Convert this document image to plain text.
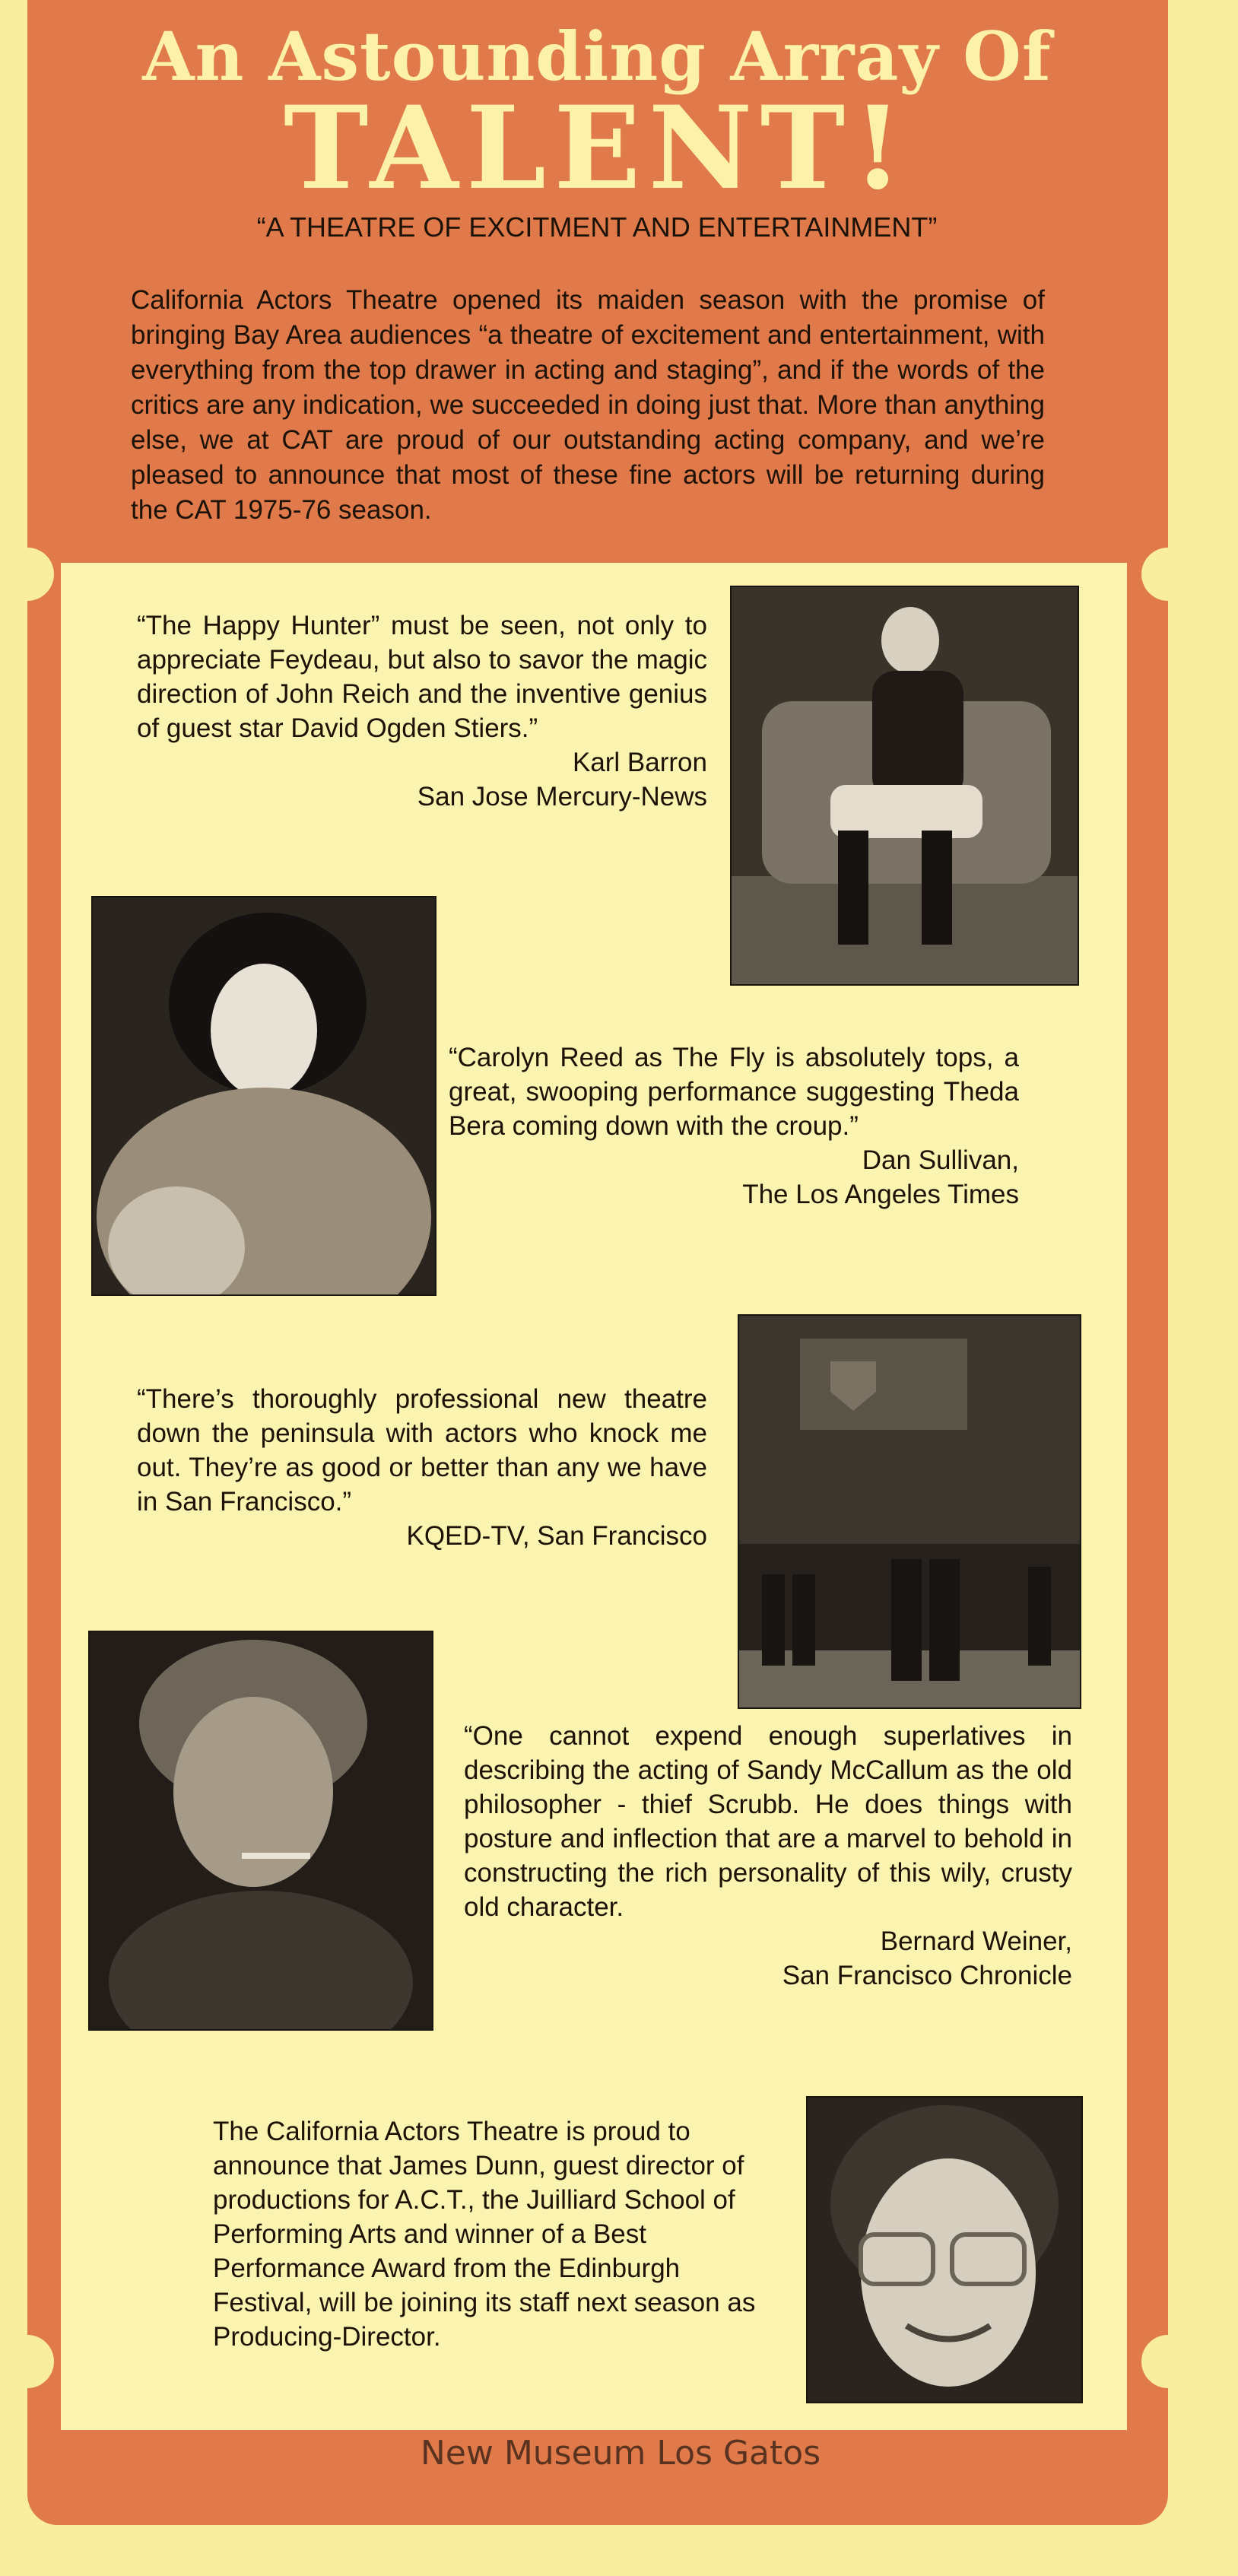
An Astounding Array Of
TALENT!
“A THEATRE OF EXCITMENT AND ENTERTAINMENT”

California Actors Theatre opened its maiden season with the promise of bringing Bay Area audiences “a theatre of excitement and entertainment, with everything from the top drawer in acting and staging”, and if the words of the critics are any indication, we succeeded in doing just that. More than anything else, we at CAT are proud of our outstanding acting company, and we’re pleased to announce that most of these fine actors will be returning during the CAT 1975-76 season.

“The Happy Hunter” must be seen, not only to appreciate Feydeau, but also to savor the magic direction of John Reich and the inventive genius of guest star David Ogden Stiers.”
Karl Barron
San Jose Mercury-News
“Carolyn Reed as The Fly is absolutely tops, a great, swooping performance suggesting Theda Bera coming down with the croup.”
Dan Sullivan,
The Los Angeles Times
“There’s thoroughly professional new theatre down the peninsula with actors who knock me out. They’re as good or better than any we have in San Francisco.”
KQED-TV, San Francisco
“One cannot expend enough superlatives in describing the acting of Sandy McCallum as the old philosopher - thief Scrubb. He does things with posture and inflection that are a marvel to behold in constructing the rich personality of this wily, crusty old character.
Bernard Weiner,
San Francisco Chronicle
The California Actors Theatre is proud to announce that James Dunn, guest director of productions for A.C.T., the Juilliard School of Performing Arts and winner of a Best Performance Award from the Edinburgh Festival, will be joining its staff next season as Producing-Director.
New Museum Los Gatos
